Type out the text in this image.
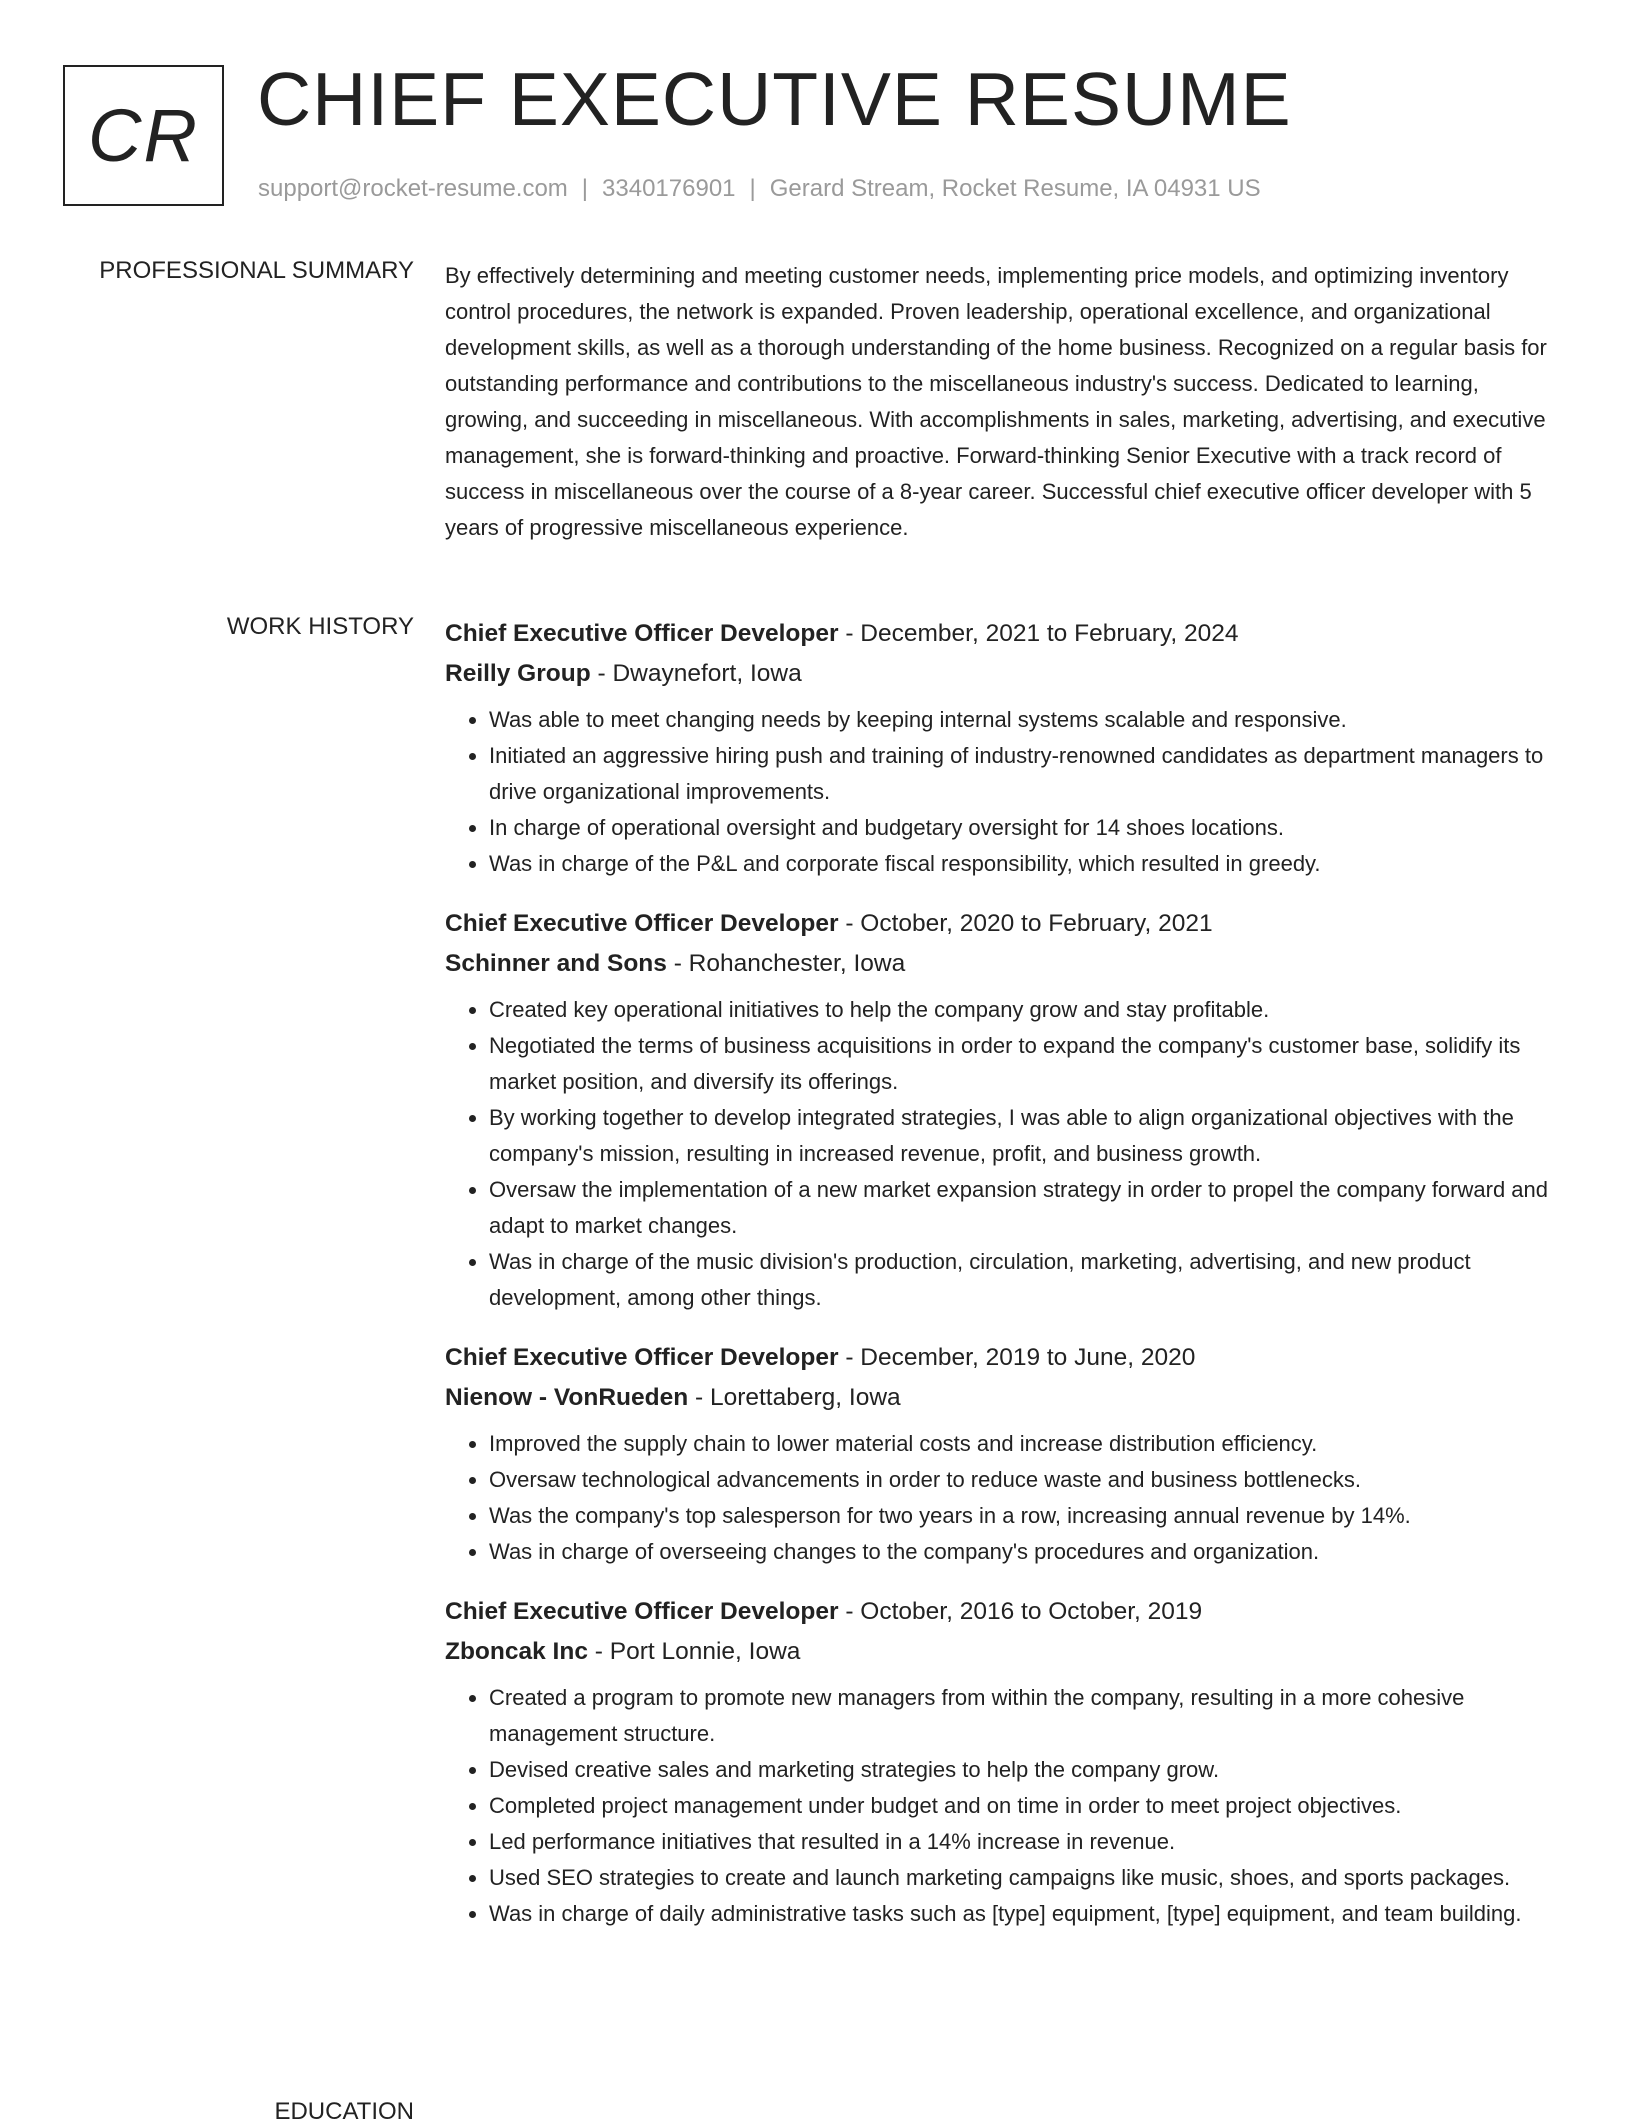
CR CHIEF EXECUTIVE RESUME
support@rocket-resume.com | 3340176901 | Gerard Stream, Rocket Resume, IA 04931 US
PROFESSIONAL SUMMARY By effectively determining and meeting customer needs, implementing price models, and optimizing inventory control procedures, the network is expanded. Proven leadership, operational excellence, and organizational development skills, as well as a thorough understanding of the home business. Recognized on a regular basis for outstanding performance and contributions to the miscellaneous industry's success. Dedicated to learning, growing, and succeeding in miscellaneous. With accomplishments in sales, marketing, advertising, and executive management, she is forward-thinking and proactive. Forward-thinking Senior Executive with a track record of success in miscellaneous over the course of a 8-year career. Successful chief executive officer developer with 5 years of progressive miscellaneous experience.

WORK HISTORY Chief Executive Officer Developer - December, 2021 to February, 2024
Reilly Group - Dwaynefort, Iowa
• Was able to meet changing needs by keeping internal systems scalable and responsive.
• Initiated an aggressive hiring push and training of industry-renowned candidates as department managers to drive organizational improvements.
• In charge of operational oversight and budgetary oversight for 14 shoes locations.
• Was in charge of the P&L and corporate fiscal responsibility, which resulted in greedy.
Chief Executive Officer Developer - October, 2020 to February, 2021
Schinner and Sons - Rohanchester, Iowa
• Created key operational initiatives to help the company grow and stay profitable.
• Negotiated the terms of business acquisitions in order to expand the company's customer base, solidify its market position, and diversify its offerings.
• By working together to develop integrated strategies, I was able to align organizational objectives with the company's mission, resulting in increased revenue, profit, and business growth.
• Oversaw the implementation of a new market expansion strategy in order to propel the company forward and adapt to market changes.
• Was in charge of the music division's production, circulation, marketing, advertising, and new product development, among other things.
Chief Executive Officer Developer - December, 2019 to June, 2020
Nienow - VonRueden - Lorettaberg, Iowa
• Improved the supply chain to lower material costs and increase distribution efficiency.
• Oversaw technological advancements in order to reduce waste and business bottlenecks.
• Was the company's top salesperson for two years in a row, increasing annual revenue by 14%.
• Was in charge of overseeing changes to the company's procedures and organization.
Chief Executive Officer Developer - October, 2016 to October, 2019
Zboncak Inc - Port Lonnie, Iowa
• Created a program to promote new managers from within the company, resulting in a more cohesive management structure.
• Devised creative sales and marketing strategies to help the company grow.
• Completed project management under budget and on time in order to meet project objectives.
• Led performance initiatives that resulted in a 14% increase in revenue.
• Used SEO strategies to create and launch marketing campaigns like music, shoes, and sports packages.
• Was in charge of daily administrative tasks such as [type] equipment, [type] equipment, and team building.
EDUCATION
